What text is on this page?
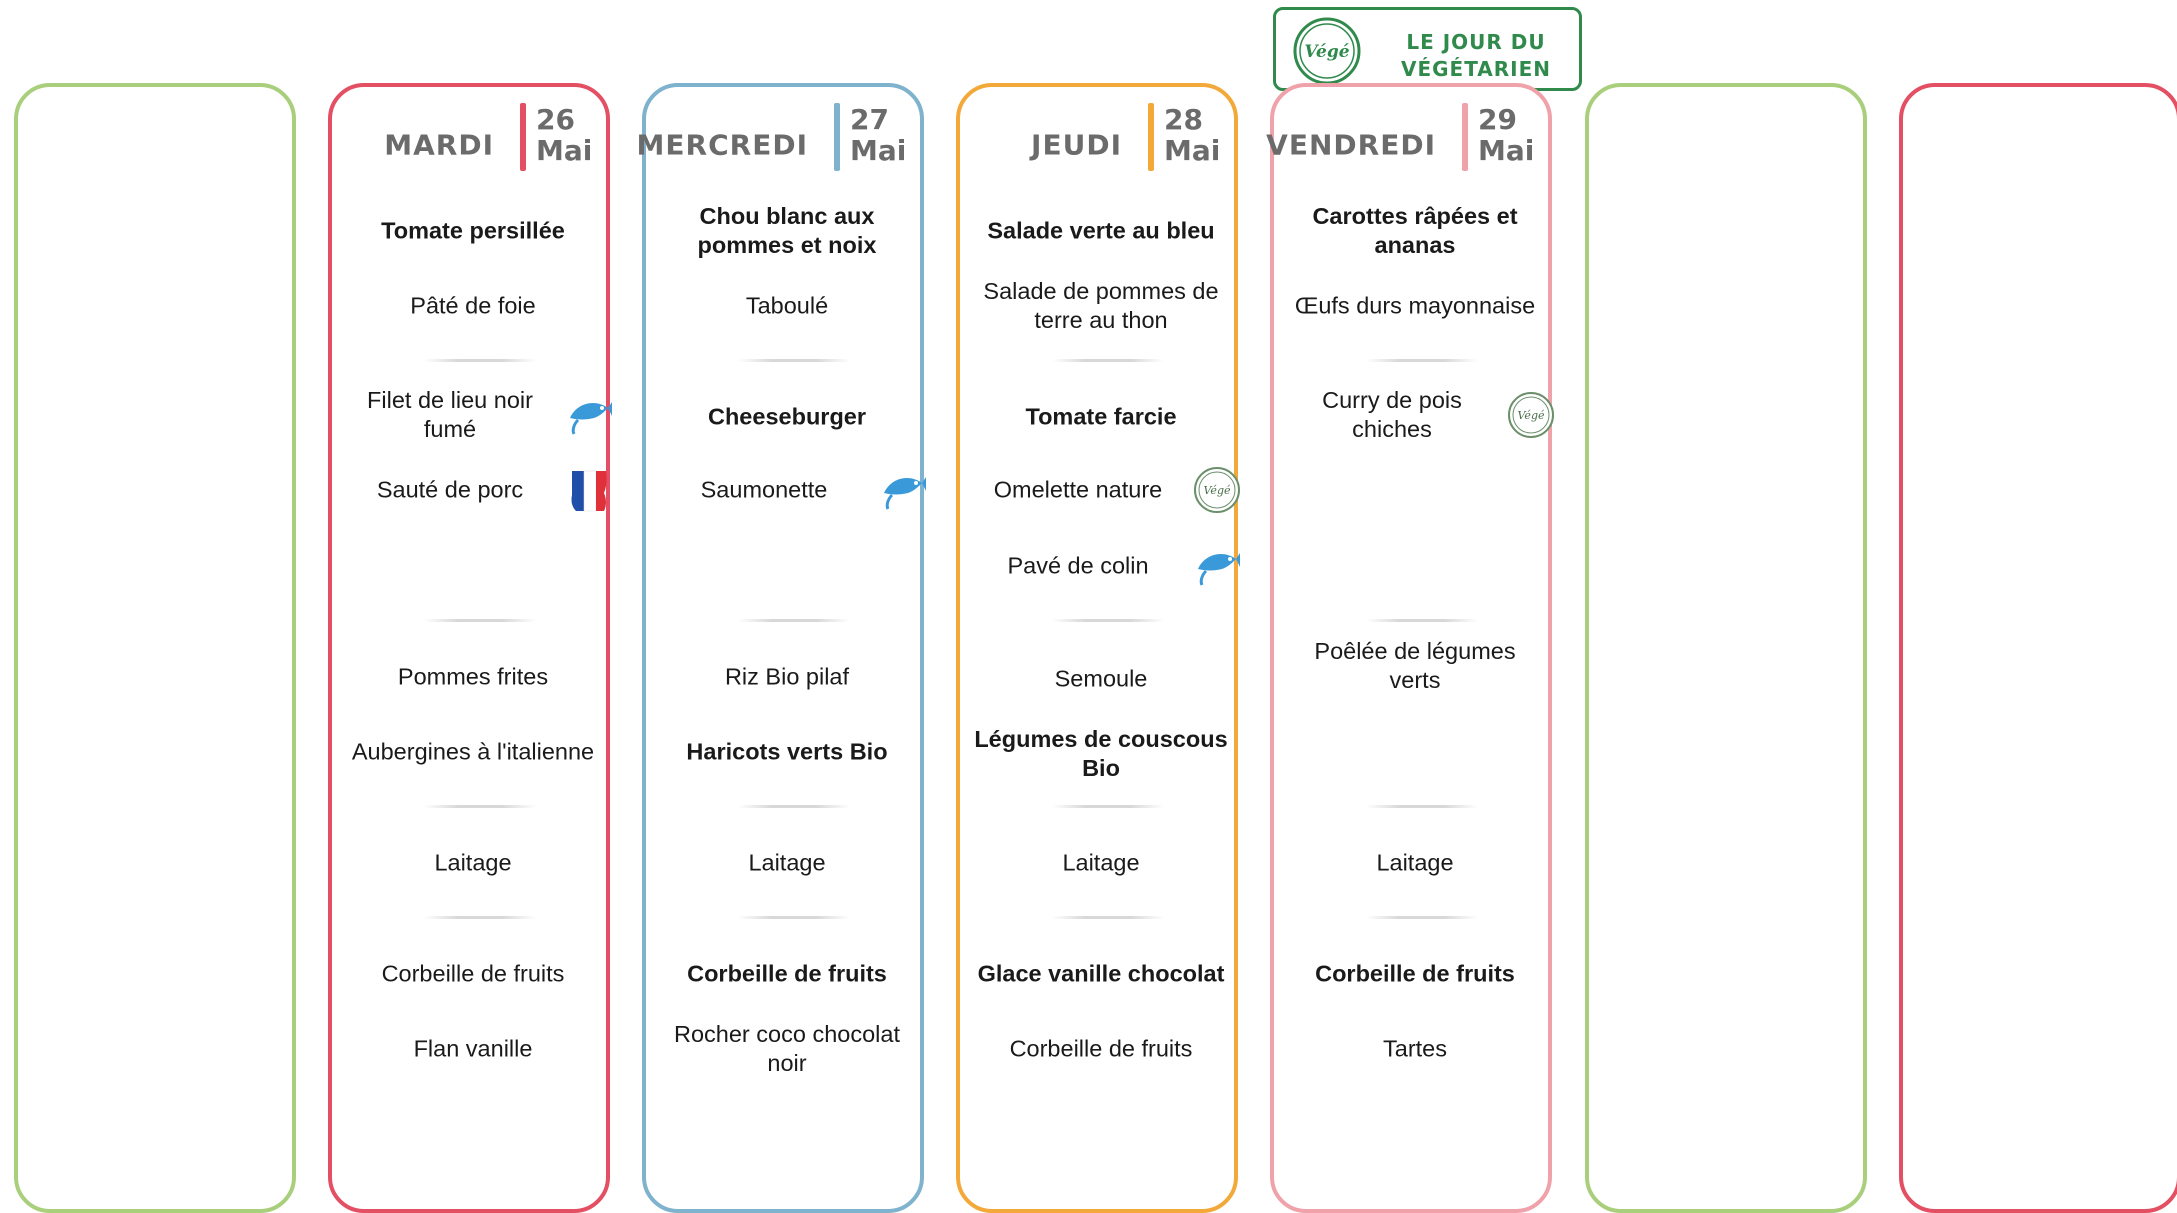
Végé	LE JOUR DU
VÉGÉTARIEN
MARDI
26
Mai
Tomate persillée
Pâté de foie
Filet de lieu noir fumé
Sauté de porc
Pommes frites
Aubergines à l'italienne
Laitage
Corbeille de fruits
Flan vanille
MERCREDI
27
Mai
Chou blanc aux pommes et noix
Taboulé
Cheeseburger
Saumonette
Riz Bio pilaf
Haricots verts Bio
Laitage
Corbeille de fruits
Rocher coco chocolat noir
JEUDI
28
Mai
Salade verte au bleu
Salade de pommes de terre au thon
Tomate farcie
Omelette nature	Végé
Pavé de colin
Semoule
Légumes de couscous Bio
Laitage
Glace vanille chocolat
Corbeille de fruits
VENDREDI
29
Mai
Carottes râpées et ananas
Œufs durs mayonnaise
Curry de pois chiches
Végé
Poêlée de légumes verts
Laitage
Corbeille de fruits
Tartes
